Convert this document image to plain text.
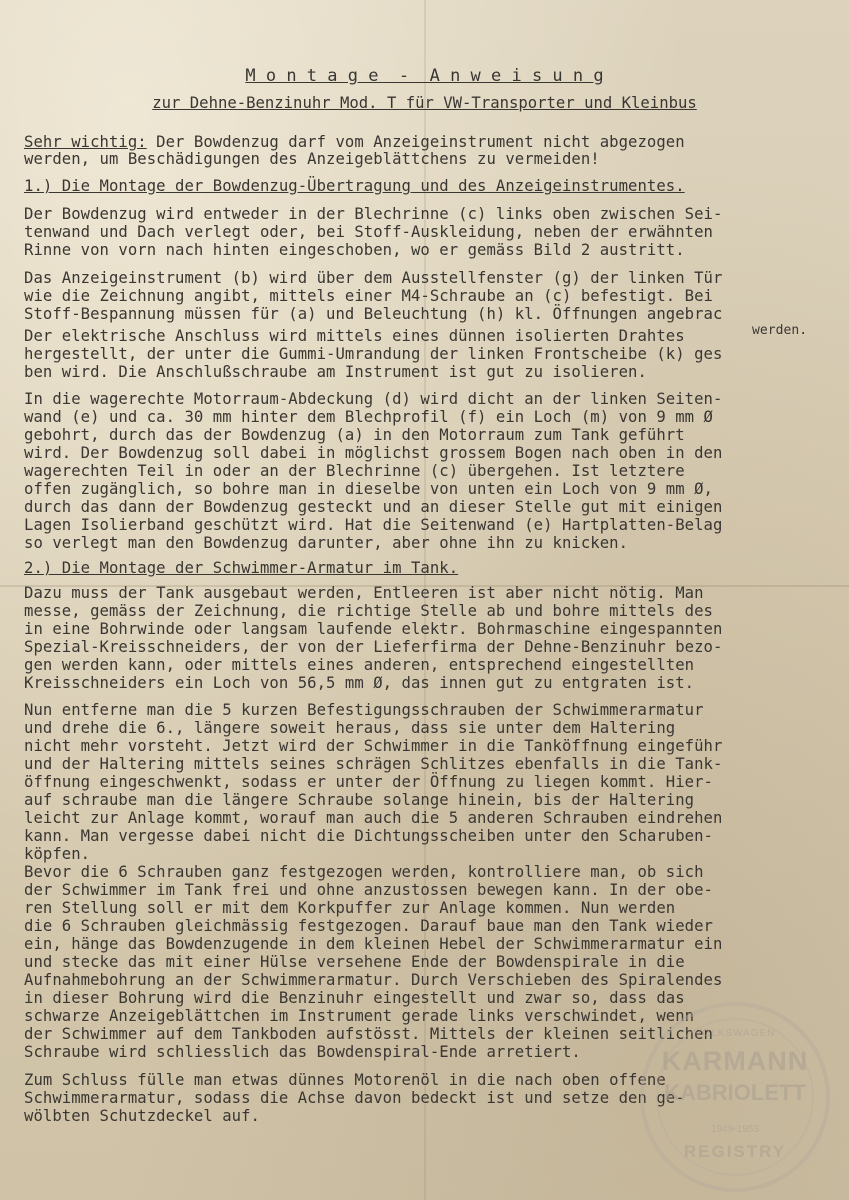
M o n t a g e  -  A n w e i s u n g
zur Dehne-Benzinuhr Mod. T für VW-Transporter und Kleinbus
Sehr wichtig: Der Bowdenzug darf vom Anzeigeinstrument nicht abgezogen
werden, um Beschädigungen des Anzeigeblättchens zu vermeiden!
1.) Die Montage der Bowdenzug-Übertragung und des Anzeigeinstrumentes.
Der Bowdenzug wird entweder in der Blechrinne (c) links oben zwischen Sei-
tenwand und Dach verlegt oder, bei Stoff-Auskleidung, neben der erwähnten
Rinne von vorn nach hinten eingeschoben, wo er gemäss Bild 2 austritt.
Das Anzeigeinstrument (b) wird über dem Ausstellfenster (g) der linken Tür
wie die Zeichnung angibt, mittels einer M4-Schraube an (c) befestigt. Bei
Stoff-Bespannung müssen für (a) und Beleuchtung (h) kl. Öffnungen angebrac
Der elektrische Anschluss wird mittels eines dünnen isolierten Drahtes	werden.
hergestellt, der unter die Gummi-Umrandung der linken Frontscheibe (k) ges
ben wird. Die Anschlußschraube am Instrument ist gut zu isolieren.
In die wagerechte Motorraum-Abdeckung (d) wird dicht an der linken Seiten-
wand (e) und ca. 30 mm hinter dem Blechprofil (f) ein Loch (m) von 9 mm Ø
gebohrt, durch das der Bowdenzug (a) in den Motorraum zum Tank geführt
wird. Der Bowdenzug soll dabei in möglichst grossem Bogen nach oben in den
wagerechten Teil in oder an der Blechrinne (c) übergehen. Ist letztere
offen zugänglich, so bohre man in dieselbe von unten ein Loch von 9 mm Ø,
durch das dann der Bowdenzug gesteckt und an dieser Stelle gut mit einigen
Lagen Isolierband geschützt wird. Hat die Seitenwand (e) Hartplatten-Belag
so verlegt man den Bowdenzug darunter, aber ohne ihn zu knicken.
2.) Die Montage der Schwimmer-Armatur im Tank.
Dazu muss der Tank ausgebaut werden, Entleeren ist aber nicht nötig. Man
messe, gemäss der Zeichnung, die richtige Stelle ab und bohre mittels des
in eine Bohrwinde oder langsam laufende elektr. Bohrmaschine eingespannten
Spezial-Kreisschneiders, der von der Lieferfirma der Dehne-Benzinuhr bezo-
gen werden kann, oder mittels eines anderen, entsprechend eingestellten
Kreisschneiders ein Loch von 56,5 mm Ø, das innen gut zu entgraten ist.
Nun entferne man die 5 kurzen Befestigungsschrauben der Schwimmerarmatur
und drehe die 6., längere soweit heraus, dass sie unter dem Haltering
nicht mehr vorsteht. Jetzt wird der Schwimmer in die Tanköffnung eingeführ
und der Haltering mittels seines schrägen Schlitzes ebenfalls in die Tank-
öffnung eingeschwenkt, sodass er unter der Öffnung zu liegen kommt. Hier-
auf schraube man die längere Schraube solange hinein, bis der Haltering
leicht zur Anlage kommt, worauf man auch die 5 anderen Schrauben eindrehen
kann. Man vergesse dabei nicht die Dichtungsscheiben unter den Scharuben-
köpfen.
Bevor die 6 Schrauben ganz festgezogen werden, kontrolliere man, ob sich
der Schwimmer im Tank frei und ohne anzustossen bewegen kann. In der obe-
ren Stellung soll er mit dem Korkpuffer zur Anlage kommen. Nun werden
die 6 Schrauben gleichmässig festgezogen. Darauf baue man den Tank wieder
ein, hänge das Bowdenzugende in dem kleinen Hebel der Schwimmerarmatur ein
und stecke das mit einer Hülse versehene Ende der Bowdenspirale in die
Aufnahmebohrung an der Schwimmerarmatur. Durch Verschieben des Spiralendes
in dieser Bohrung wird die Benzinuhr eingestellt und zwar so, dass das
schwarze Anzeigeblättchen im Instrument gerade links verschwindet, wenn
der Schwimmer auf dem Tankboden aufstösst. Mittels der kleinen seitlichen
Schraube wird schliesslich das Bowdenspiral-Ende arretiert.
Zum Schluss fülle man etwas dünnes Motorenöl in die nach oben offene
Schwimmerarmatur, sodass die Achse davon bedeckt ist und setze den ge-
wölbten Schutzdeckel auf.
VOLKSWAGEN
KARMANN
KABRIOLETT
1949-1953
REGISTRY
